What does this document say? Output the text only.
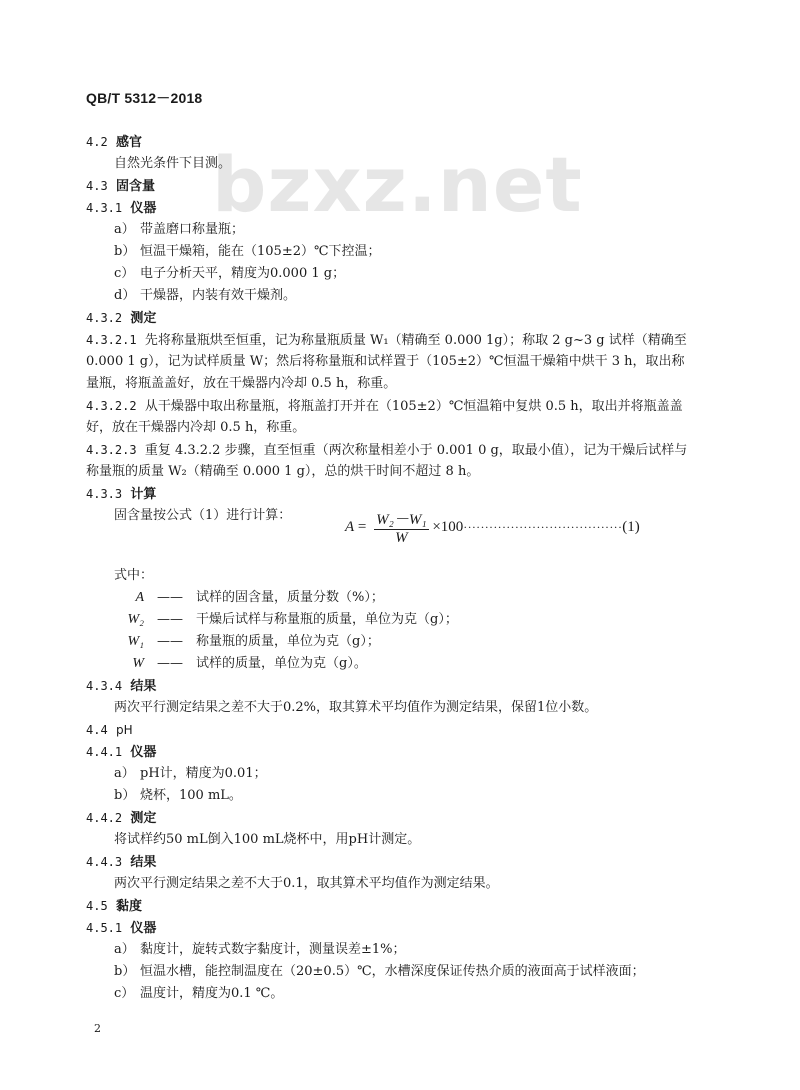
QB/T 5312－2018
bzxz.net
4.2 感官
自然光条件下目测。
4.3 固含量
4.3.1 仪器
a） 带盖磨口称量瓶；
b） 恒温干燥箱，能在（105±2）℃下控温；
c） 电子分析天平，精度为0.000 1 g；
d） 干燥器，内装有效干燥剂。
4.3.2 测定
4.3.2.1 先将称量瓶烘至恒重，记为称量瓶质量 W₁（精确至 0.000 1g）；称取 2 g~3 g 试样（精确至
0.000 1 g），记为试样质量 W；然后将称量瓶和试样置于（105±2）℃恒温干燥箱中烘干 3 h，取出称
量瓶，将瓶盖盖好，放在干燥器内冷却 0.5 h，称重。
4.3.2.2 从干燥器中取出称量瓶，将瓶盖打开并在（105±2）℃恒温箱中复烘 0.5 h，取出并将瓶盖盖
好，放在干燥器内冷却 0.5 h，称重。
4.3.2.3 重复 4.3.2.2 步骤，直至恒重（两次称量相差小于 0.001 0 g，取最小值），记为干燥后试样与
称量瓶的质量 W₂（精确至 0.000 1 g），总的烘干时间不超过 8 h。
4.3.3 计算
固含量按公式（1）进行计算：
$A = \frac{\text{W₂－W₁}}{W} \times 100\cdot\cdot\cdot\cdot\cdot\cdot\cdot\cdot\cdot\cdot\cdot\cdot\cdot\cdot\cdot\cdot\cdot\cdot\cdot\cdot\cdot\cdot\cdot\cdot\cdot\cdot\cdot\cdot\cdot\cdot\cdot\cdot\cdot\cdot\cdot\cdot\cdot(1)$
式中：
A —— 试样的固含量，质量分数（%）；
W₂ —— 干燥后试样与称量瓶的质量，单位为克（g）；
W₁ —— 称量瓶的质量，单位为克（g）；
W —— 试样的质量，单位为克（g）。
4.3.4 结果
两次平行测定结果之差不大于0.2%，取其算术平均值作为测定结果，保留1位小数。
4.4 pH
4.4.1 仪器
a） pH计，精度为0.01；
b） 烧杯，100 mL。
4.4.2 测定
将试样约50 mL倒入100 mL烧杯中，用pH计测定。
4.4.3 结果
两次平行测定结果之差不大于0.1，取其算术平均值作为测定结果。
4.5 黏度
4.5.1 仪器
a） 黏度计，旋转式数字黏度计，测量误差±1%；
b） 恒温水槽，能控制温度在（20±0.5）℃，水槽深度保证传热介质的液面高于试样液面；
c） 温度计，精度为0.1 ℃。
2
